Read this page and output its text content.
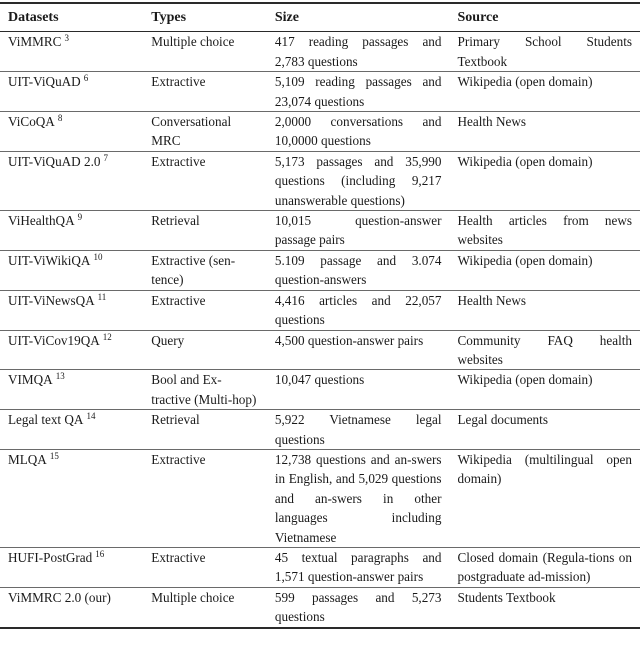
Datasets	Types	Size	Source
ViMMRC $^3$	Multiple choice	417 reading passages and 2,783 questions	Primary School Students Textbook
UIT-ViQuAD $^6$	Extractive	5,109 reading passages and 23,074 questions	Wikipedia (open domain)
ViCoQA $^8$	Conversational MRC	2,0000 conversations and 10,0000 questions	Health News
UIT-ViQuAD 2.0 $^7$	Extractive	5,173 passages and 35,990 questions (including 9,217 unanswerable questions)	Wikipedia (open domain)
ViHealthQA $^9$	Retrieval	10,015 question-answer passage pairs	Health articles from news websites
UIT-ViWikiQA $^{10}$	Extractive (sen-tence)	5.109 passage and 3.074 question-answers	Wikipedia (open domain)
UIT-ViNewsQA $^{11}$	Extractive	4,416 articles and 22,057 questions	Health News
UIT-ViCov19QA $^{12}$	Query	4,500 question-answer pairs	Community FAQ health websites
VIMQA $^{13}$	Bool and Ex-tractive (Multi-hop)	10,047 questions	Wikipedia (open domain)
Legal text QA $^{14}$	Retrieval	5,922 Vietnamese legal questions	Legal documents
MLQA $^{15}$	Extractive	12,738 questions and an-swers in English, and 5,029 questions and an-swers in other languages including Vietnamese	Wikipedia (multilingual open domain)
HUFI-PostGrad $^{16}$	Extractive	45 textual paragraphs and 1,571 question-answer pairs	Closed domain (Regula-tions on postgraduate ad-mission)
ViMMRC 2.0 (our)	Multiple choice	599 passages and 5,273 questions	Students Textbook
